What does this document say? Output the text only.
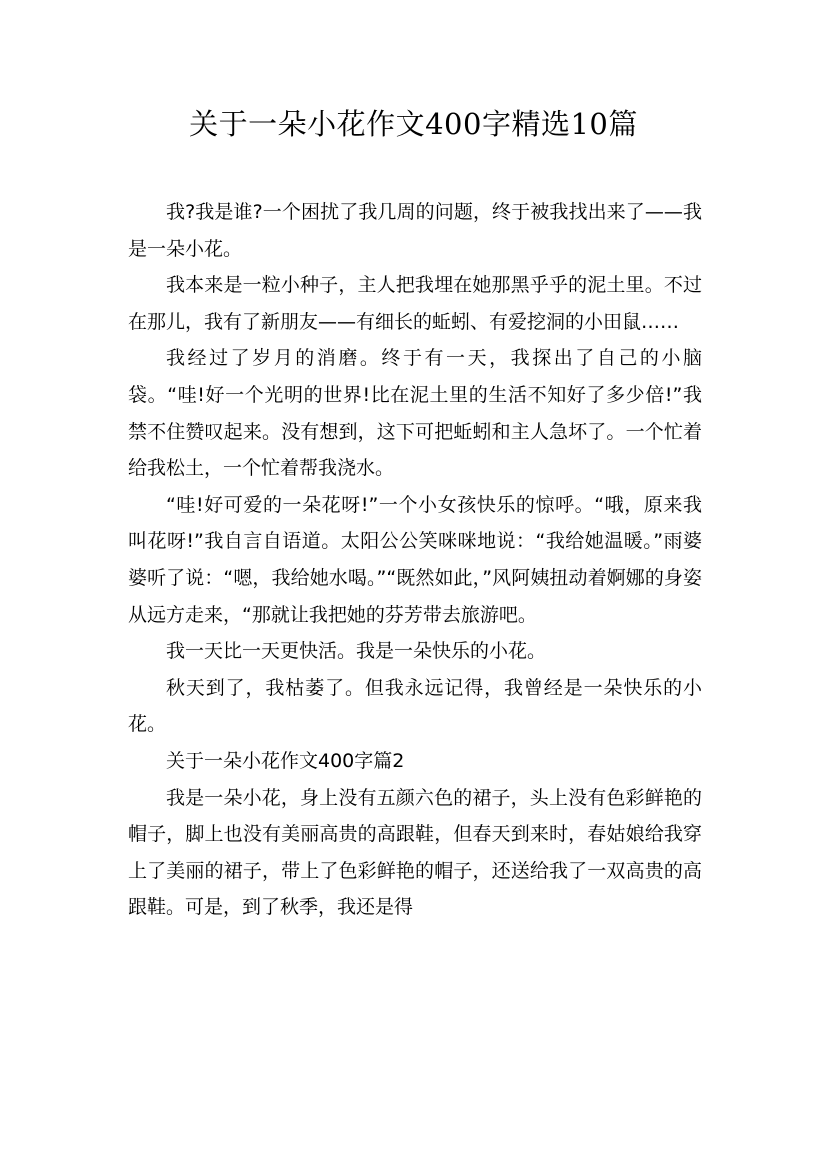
关于一朵小花作文400字精选10篇

我?我是谁?一个困扰了我几周的问题，终于被我找出来了——我是一朵小花。

我本来是一粒小种子，主人把我埋在她那黑乎乎的泥土里。不过在那儿，我有了新朋友——有细长的蚯蚓、有爱挖洞的小田鼠……

我经过了岁月的消磨。终于有一天，我探出了自己的小脑袋。“哇!好一个光明的世界!比在泥土里的生活不知好了多少倍!”我禁不住赞叹起来。没有想到，这下可把蚯蚓和主人急坏了。一个忙着给我松土，一个忙着帮我浇水。

“哇!好可爱的一朵花呀!”一个小女孩快乐的惊呼。“哦，原来我叫花呀!”我自言自语道。太阳公公笑咪咪地说：“我给她温暖。”雨婆婆听了说：“嗯，我给她水喝。”“既然如此，”风阿姨扭动着婀娜的身姿从远方走来，“那就让我把她的芬芳带去旅游吧。

我一天比一天更快活。我是一朵快乐的小花。

秋天到了，我枯萎了。但我永远记得，我曾经是一朵快乐的小花。

关于一朵小花作文400字篇2

我是一朵小花，身上没有五颜六色的裙子，头上没有色彩鲜艳的帽子，脚上也没有美丽高贵的高跟鞋，但春天到来时，春姑娘给我穿上了美丽的裙子，带上了色彩鲜艳的帽子，还送给我了一双高贵的高跟鞋。可是，到了秋季，我还是得
